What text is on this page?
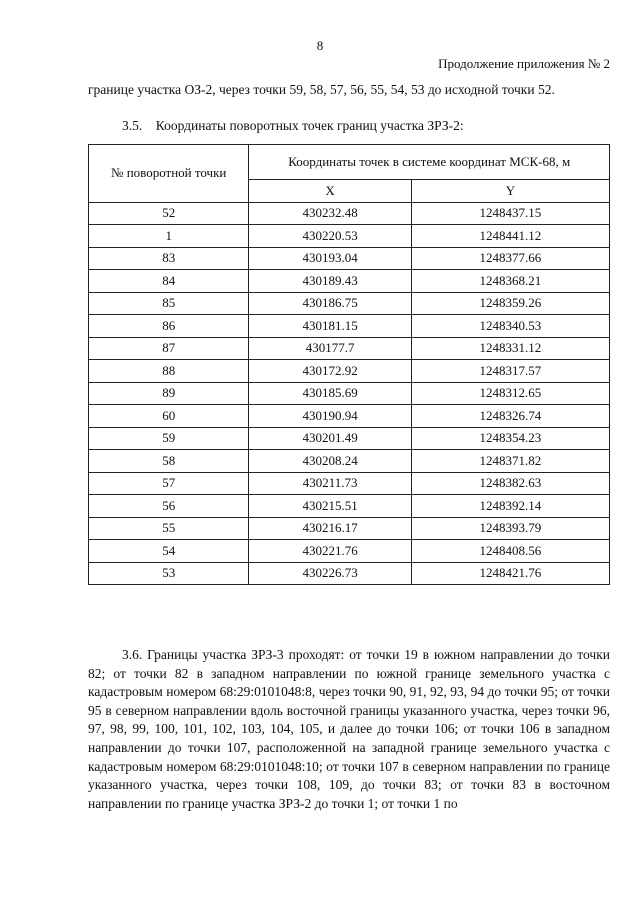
8
Продолжение приложения № 2
границе участка ОЗ-2, через точки 59, 58, 57, 56, 55, 54, 53 до исходной точки 52.
3.5. Координаты поворотных точек границ участка ЗРЗ-2:
№ поворотной точки	Координаты точек в системе координат МСК-68, м	
	X	Y
52	430232.48	1248437.15
1	430220.53	1248441.12
83	430193.04	1248377.66
84	430189.43	1248368.21
85	430186.75	1248359.26
86	430181.15	1248340.53
87	430177.7	1248331.12
88	430172.92	1248317.57
89	430185.69	1248312.65
60	430190.94	1248326.74
59	430201.49	1248354.23
58	430208.24	1248371.82
57	430211.73	1248382.63
56	430215.51	1248392.14
55	430216.17	1248393.79
54	430221.76	1248408.56
53	430226.73	1248421.76

3.6. Границы участка ЗРЗ-3 проходят: от точки 19 в южном направлении до точки 82; от точки 82 в западном направлении по южной границе земельного участка с кадастровым номером 68:29:0101048:8, через точки 90, 91, 92, 93, 94 до точки 95; от точки 95 в северном направлении вдоль восточной границы указанного участка, через точки 96, 97, 98, 99, 100, 101, 102, 103, 104, 105, и далее до точки 106; от точки 106 в западном направлении до точки 107, расположенной на западной границе земельного участка с кадастровым номером 68:29:0101048:10; от точки 107 в северном направлении по границе указанного участка, через точки 108, 109, до точки 83; от точки 83 в восточном направлении по границе участка ЗРЗ-2 до точки 1; от точки 1 по
